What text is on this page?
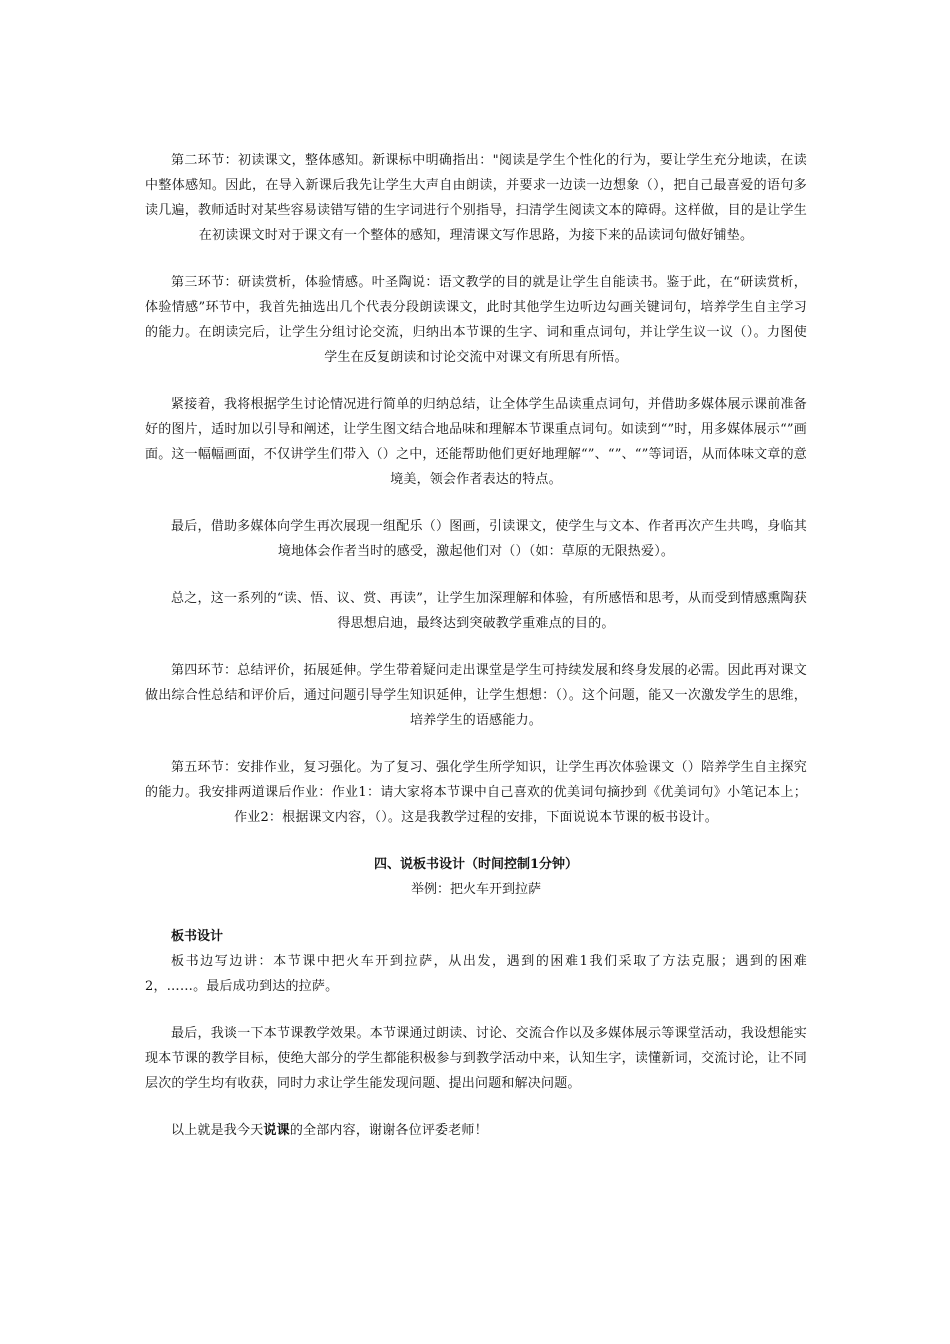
第二环节：初读课文，整体感知。新课标中明确指出："阅读是学生个性化的行为，要让学生充分地读，在读中整体感知。因此，在导入新课后我先让学生大声自由朗读，并要求一边读一边想象（），把自己最喜爱的语句多读几遍，教师适时对某些容易读错写错的生字词进行个别指导，扫清学生阅读文本的障碍。这样做，目的是让学生在初读课文时对于课文有一个整体的感知，理清课文写作思路，为接下来的品读词句做好铺垫。

第三环节：研读赏析，体验情感。叶圣陶说：语文教学的目的就是让学生自能读书。鉴于此，在“研读赏析，体验情感”环节中，我首先抽选出几个代表分段朗读课文，此时其他学生边听边勾画关键词句，培养学生自主学习的能力。在朗读完后，让学生分组讨论交流，归纳出本节课的生字、词和重点词句，并让学生议一议（）。力图使学生在反复朗读和讨论交流中对课文有所思有所悟。

紧接着，我将根据学生讨论情况进行简单的归纳总结，让全体学生品读重点词句，并借助多媒体展示课前准备好的图片，适时加以引导和阐述，让学生图文结合地品味和理解本节课重点词句。如读到“”时，用多媒体展示“”画面。这一幅幅画面，不仅讲学生们带入（）之中，还能帮助他们更好地理解“”、“”、“”等词语，从而体味文章的意境美，领会作者表达的特点。

最后，借助多媒体向学生再次展现一组配乐（）图画，引读课文，使学生与文本、作者再次产生共鸣，身临其境地体会作者当时的感受，激起他们对（）（如：草原的无限热爱）。

总之，这一系列的“读、悟、议、赏、再读”，让学生加深理解和体验，有所感悟和思考，从而受到情感熏陶获得思想启迪，最终达到突破教学重难点的目的。

第四环节：总结评价，拓展延伸。学生带着疑问走出课堂是学生可持续发展和终身发展的必需。因此再对课文做出综合性总结和评价后，通过问题引导学生知识延伸，让学生想想：（）。这个问题，能又一次激发学生的思维，培养学生的语感能力。

第五环节：安排作业，复习强化。为了复习、强化学生所学知识，让学生再次体验课文（）陪养学生自主探究的能力。我安排两道课后作业：作业1：请大家将本节课中自己喜欢的优美词句摘抄到《优美词句》小笔记本上；作业2：根据课文内容，（）。这是我教学过程的安排，下面说说本节课的板书设计。

四、说板书设计（时间控制1分钟）

举例：把火车开到拉萨

板书设计

板书边写边讲：本节课中把火车开到拉萨，从出发，遇到的困难1我们采取了方法克服；遇到的困难2，……。最后成功到达的拉萨。

最后，我谈一下本节课教学效果。本节课通过朗读、讨论、交流合作以及多媒体展示等课堂活动，我设想能实现本节课的教学目标，使绝大部分的学生都能积极参与到教学活动中来，认知生字，读懂新词，交流讨论，让不同层次的学生均有收获，同时力求让学生能发现问题、提出问题和解决问题。

以上就是我今天说课的全部内容，谢谢各位评委老师！
